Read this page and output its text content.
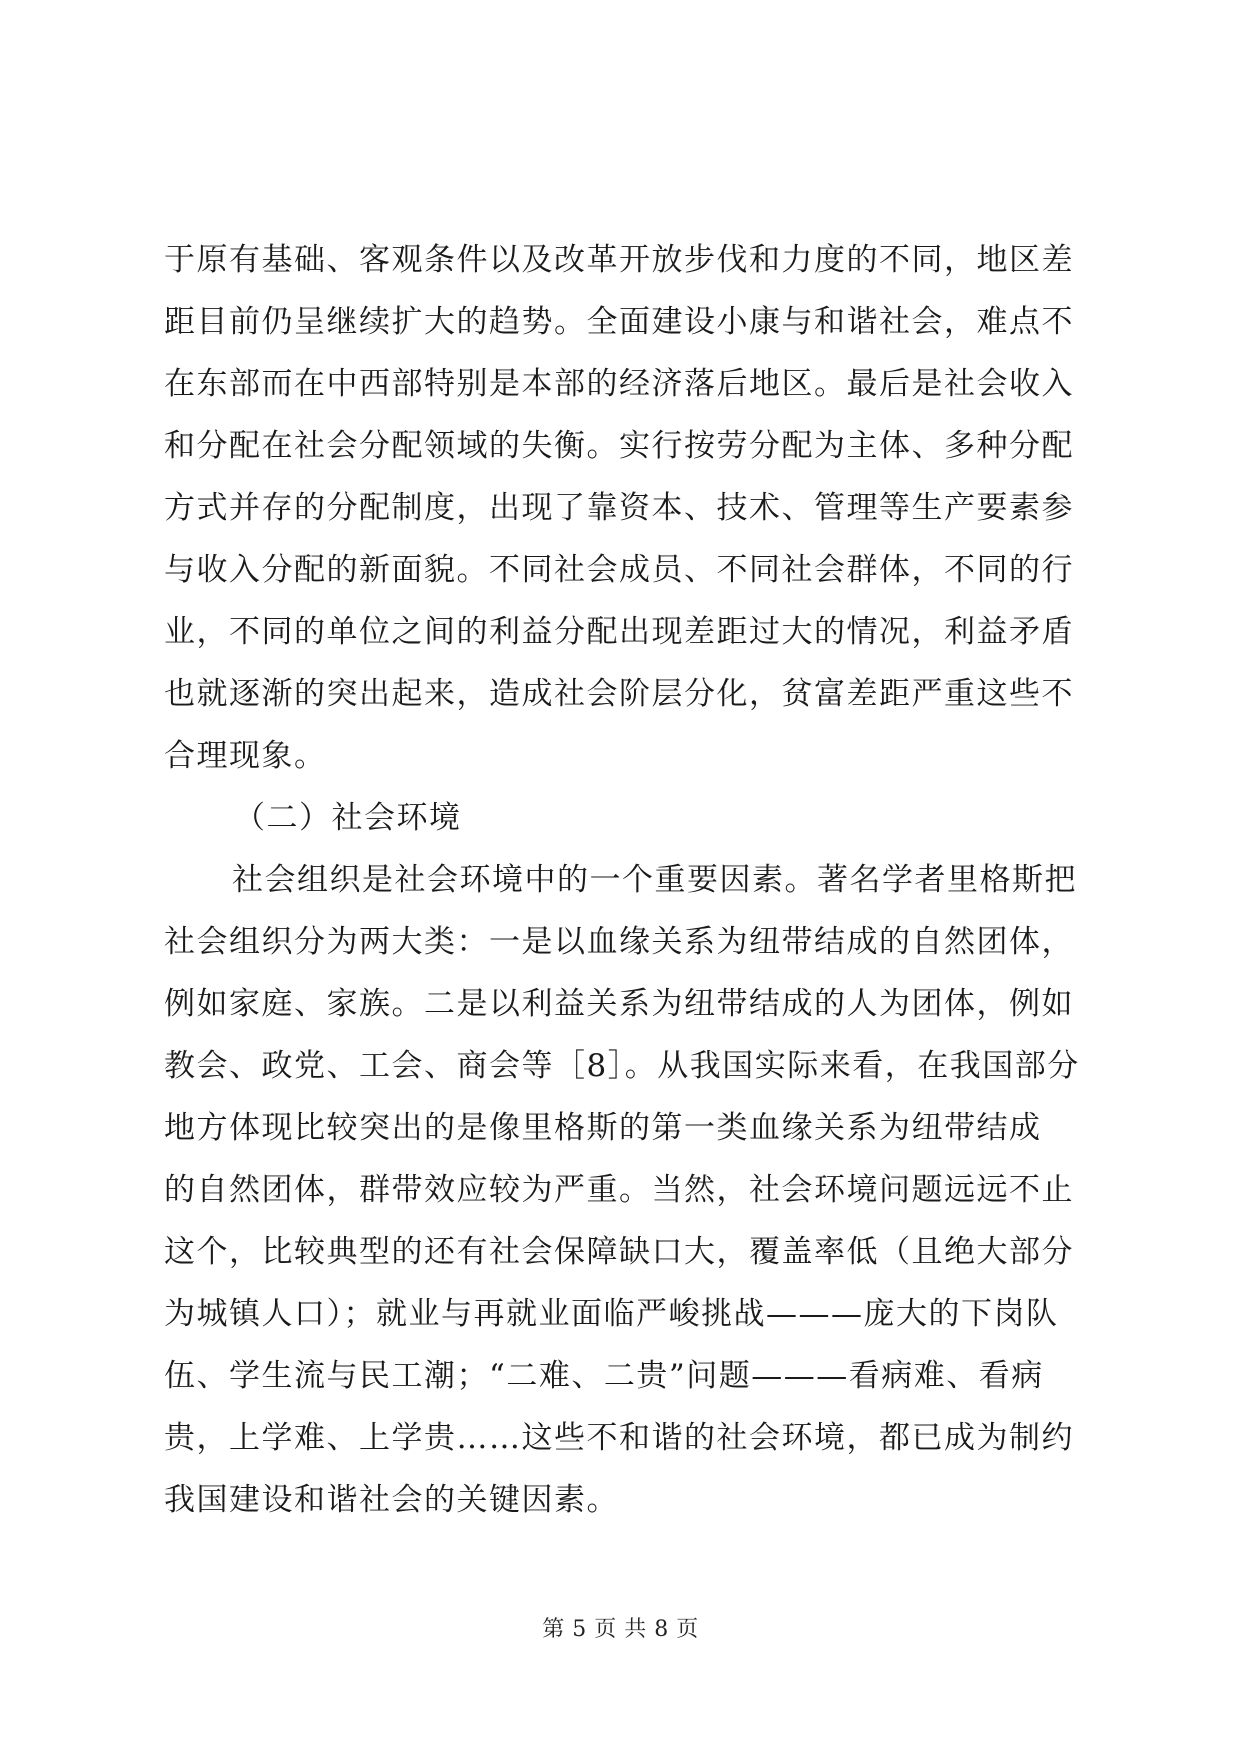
于原有基础、客观条件以及改革开放步伐和力度的不同，地区差
距目前仍呈继续扩大的趋势。全面建设小康与和谐社会，难点不
在东部而在中西部特别是本部的经济落后地区。最后是社会收入
和分配在社会分配领域的失衡。实行按劳分配为主体、多种分配
方式并存的分配制度，出现了靠资本、技术、管理等生产要素参
与收入分配的新面貌。不同社会成员、不同社会群体，不同的行
业，不同的单位之间的利益分配出现差距过大的情况，利益矛盾
也就逐渐的突出起来，造成社会阶层分化，贫富差距严重这些不
合理现象。
（二）社会环境
社会组织是社会环境中的一个重要因素。著名学者里格斯把
社会组织分为两大类：一是以血缘关系为纽带结成的自然团体，
例如家庭、家族。二是以利益关系为纽带结成的人为团体，例如
教会、政党、工会、商会等［8］。从我国实际来看，在我国部分
地方体现比较突出的是像里格斯的第一类血缘关系为纽带结成
的自然团体，群带效应较为严重。当然，社会环境问题远远不止
这个，比较典型的还有社会保障缺口大，覆盖率低（且绝大部分
为城镇人口）；就业与再就业面临严峻挑战———庞大的下岗队
伍、学生流与民工潮；“二难、二贵”问题———看病难、看病
贵，上学难、上学贵……这些不和谐的社会环境，都已成为制约
我国建设和谐社会的关键因素。
第 5 页 共 8 页
